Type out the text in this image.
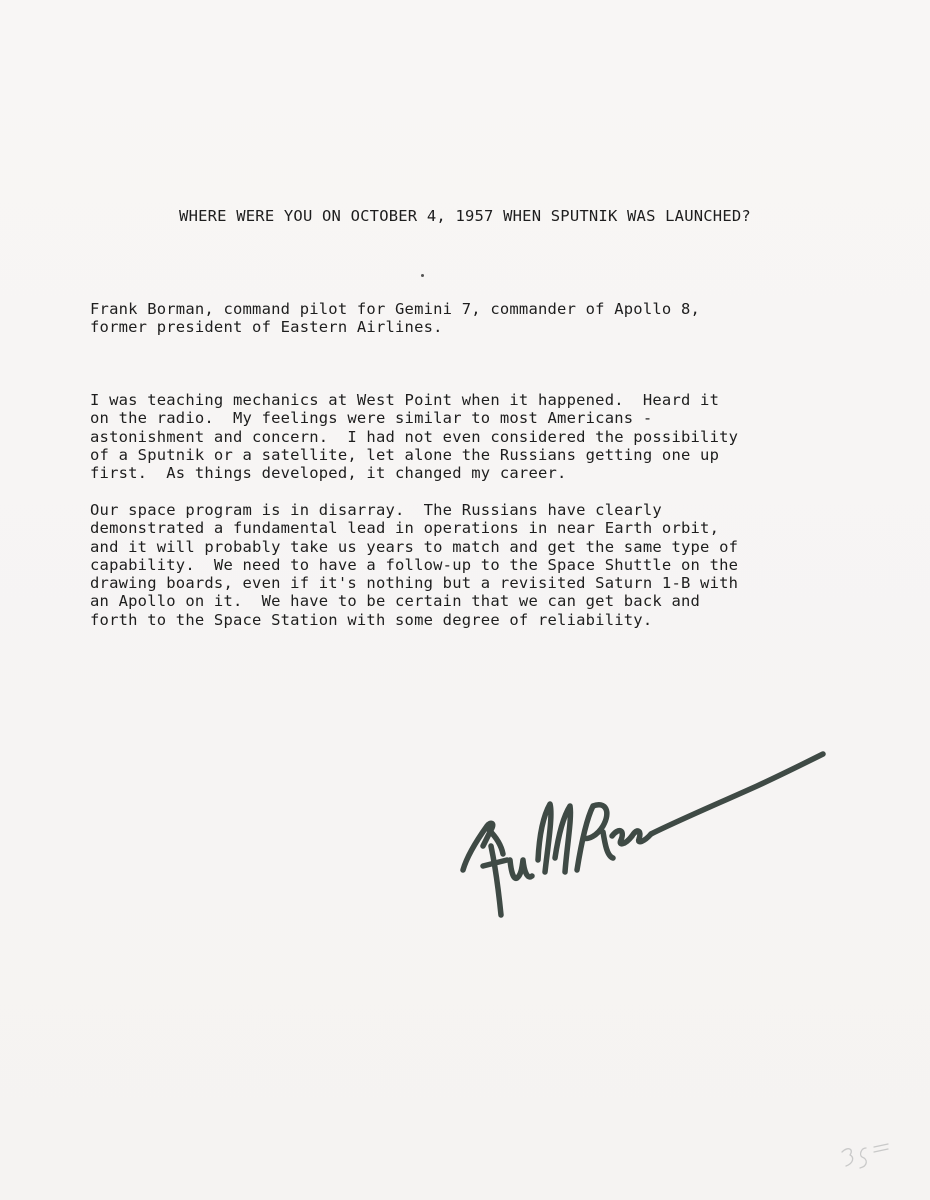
WHERE WERE YOU ON OCTOBER 4, 1957 WHEN SPUTNIK WAS LAUNCHED?

Frank Borman, command pilot for Gemini 7, commander of Apollo 8,
former president of Eastern Airlines.

I was teaching mechanics at West Point when it happened.  Heard it
on the radio.  My feelings were similar to most Americans -
astonishment and concern.  I had not even considered the possibility
of a Sputnik or a satellite, let alone the Russians getting one up
first.  As things developed, it changed my career.

Our space program is in disarray.  The Russians have clearly
demonstrated a fundamental lead in operations in near Earth orbit,
and it will probably take us years to match and get the same type of
capability.  We need to have a follow-up to the Space Shuttle on the
drawing boards, even if it's nothing but a revisited Saturn 1-B with
an Apollo on it.  We have to be certain that we can get back and
forth to the Space Station with some degree of reliability.
